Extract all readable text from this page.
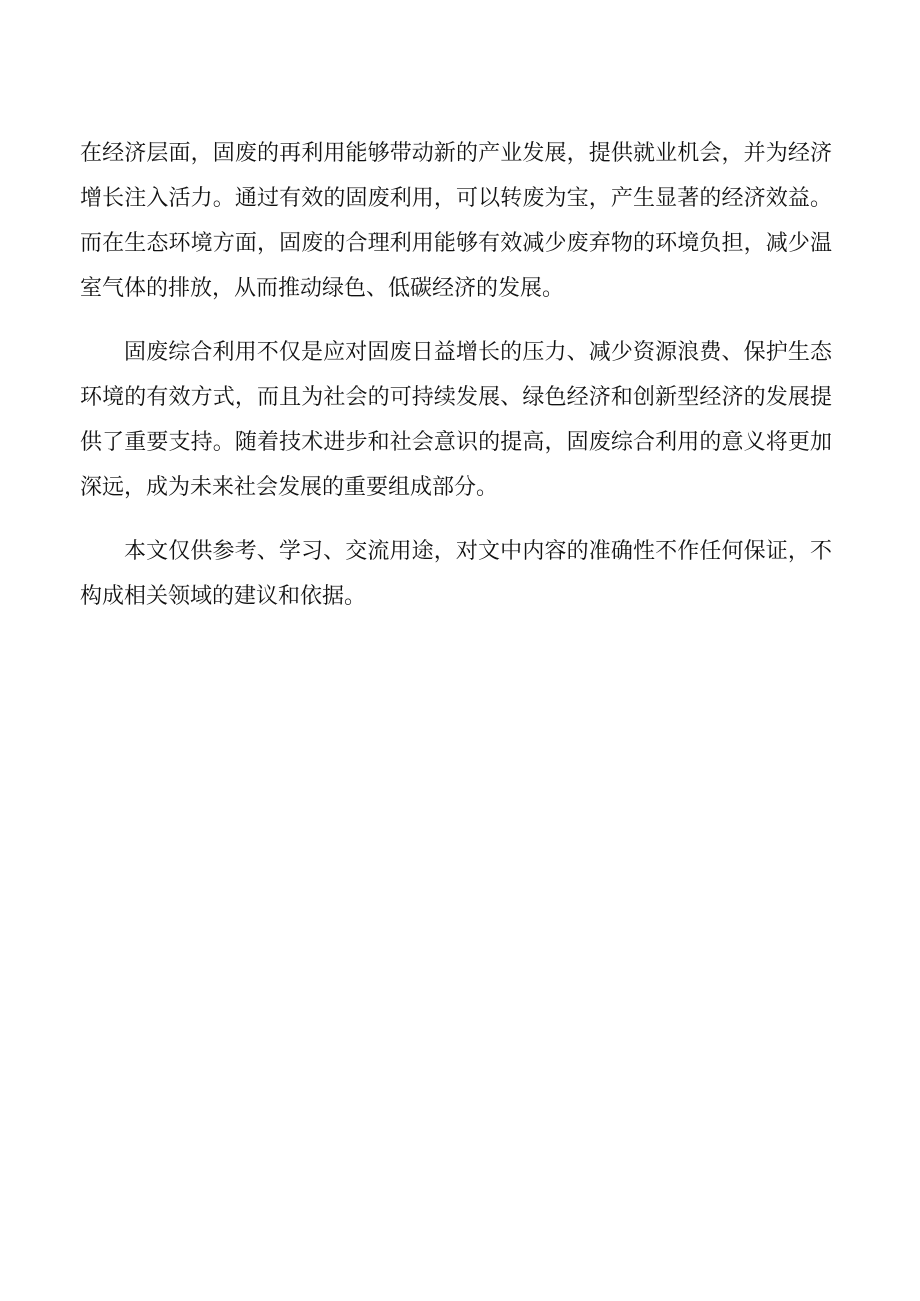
在经济层面，固废的再利用能够带动新的产业发展，提供就业机会，并为经济增长注入活力。通过有效的固废利用，可以转废为宝，产生显著的经济效益。而在生态环境方面，固废的合理利用能够有效减少废弃物的环境负担，减少温室气体的排放，从而推动绿色、低碳经济的发展。

固废综合利用不仅是应对固废日益增长的压力、减少资源浪费、保护生态环境的有效方式，而且为社会的可持续发展、绿色经济和创新型经济的发展提供了重要支持。随着技术进步和社会意识的提高，固废综合利用的意义将更加深远，成为未来社会发展的重要组成部分。

本文仅供参考、学习、交流用途，对文中内容的准确性不作任何保证，不构成相关领域的建议和依据。
